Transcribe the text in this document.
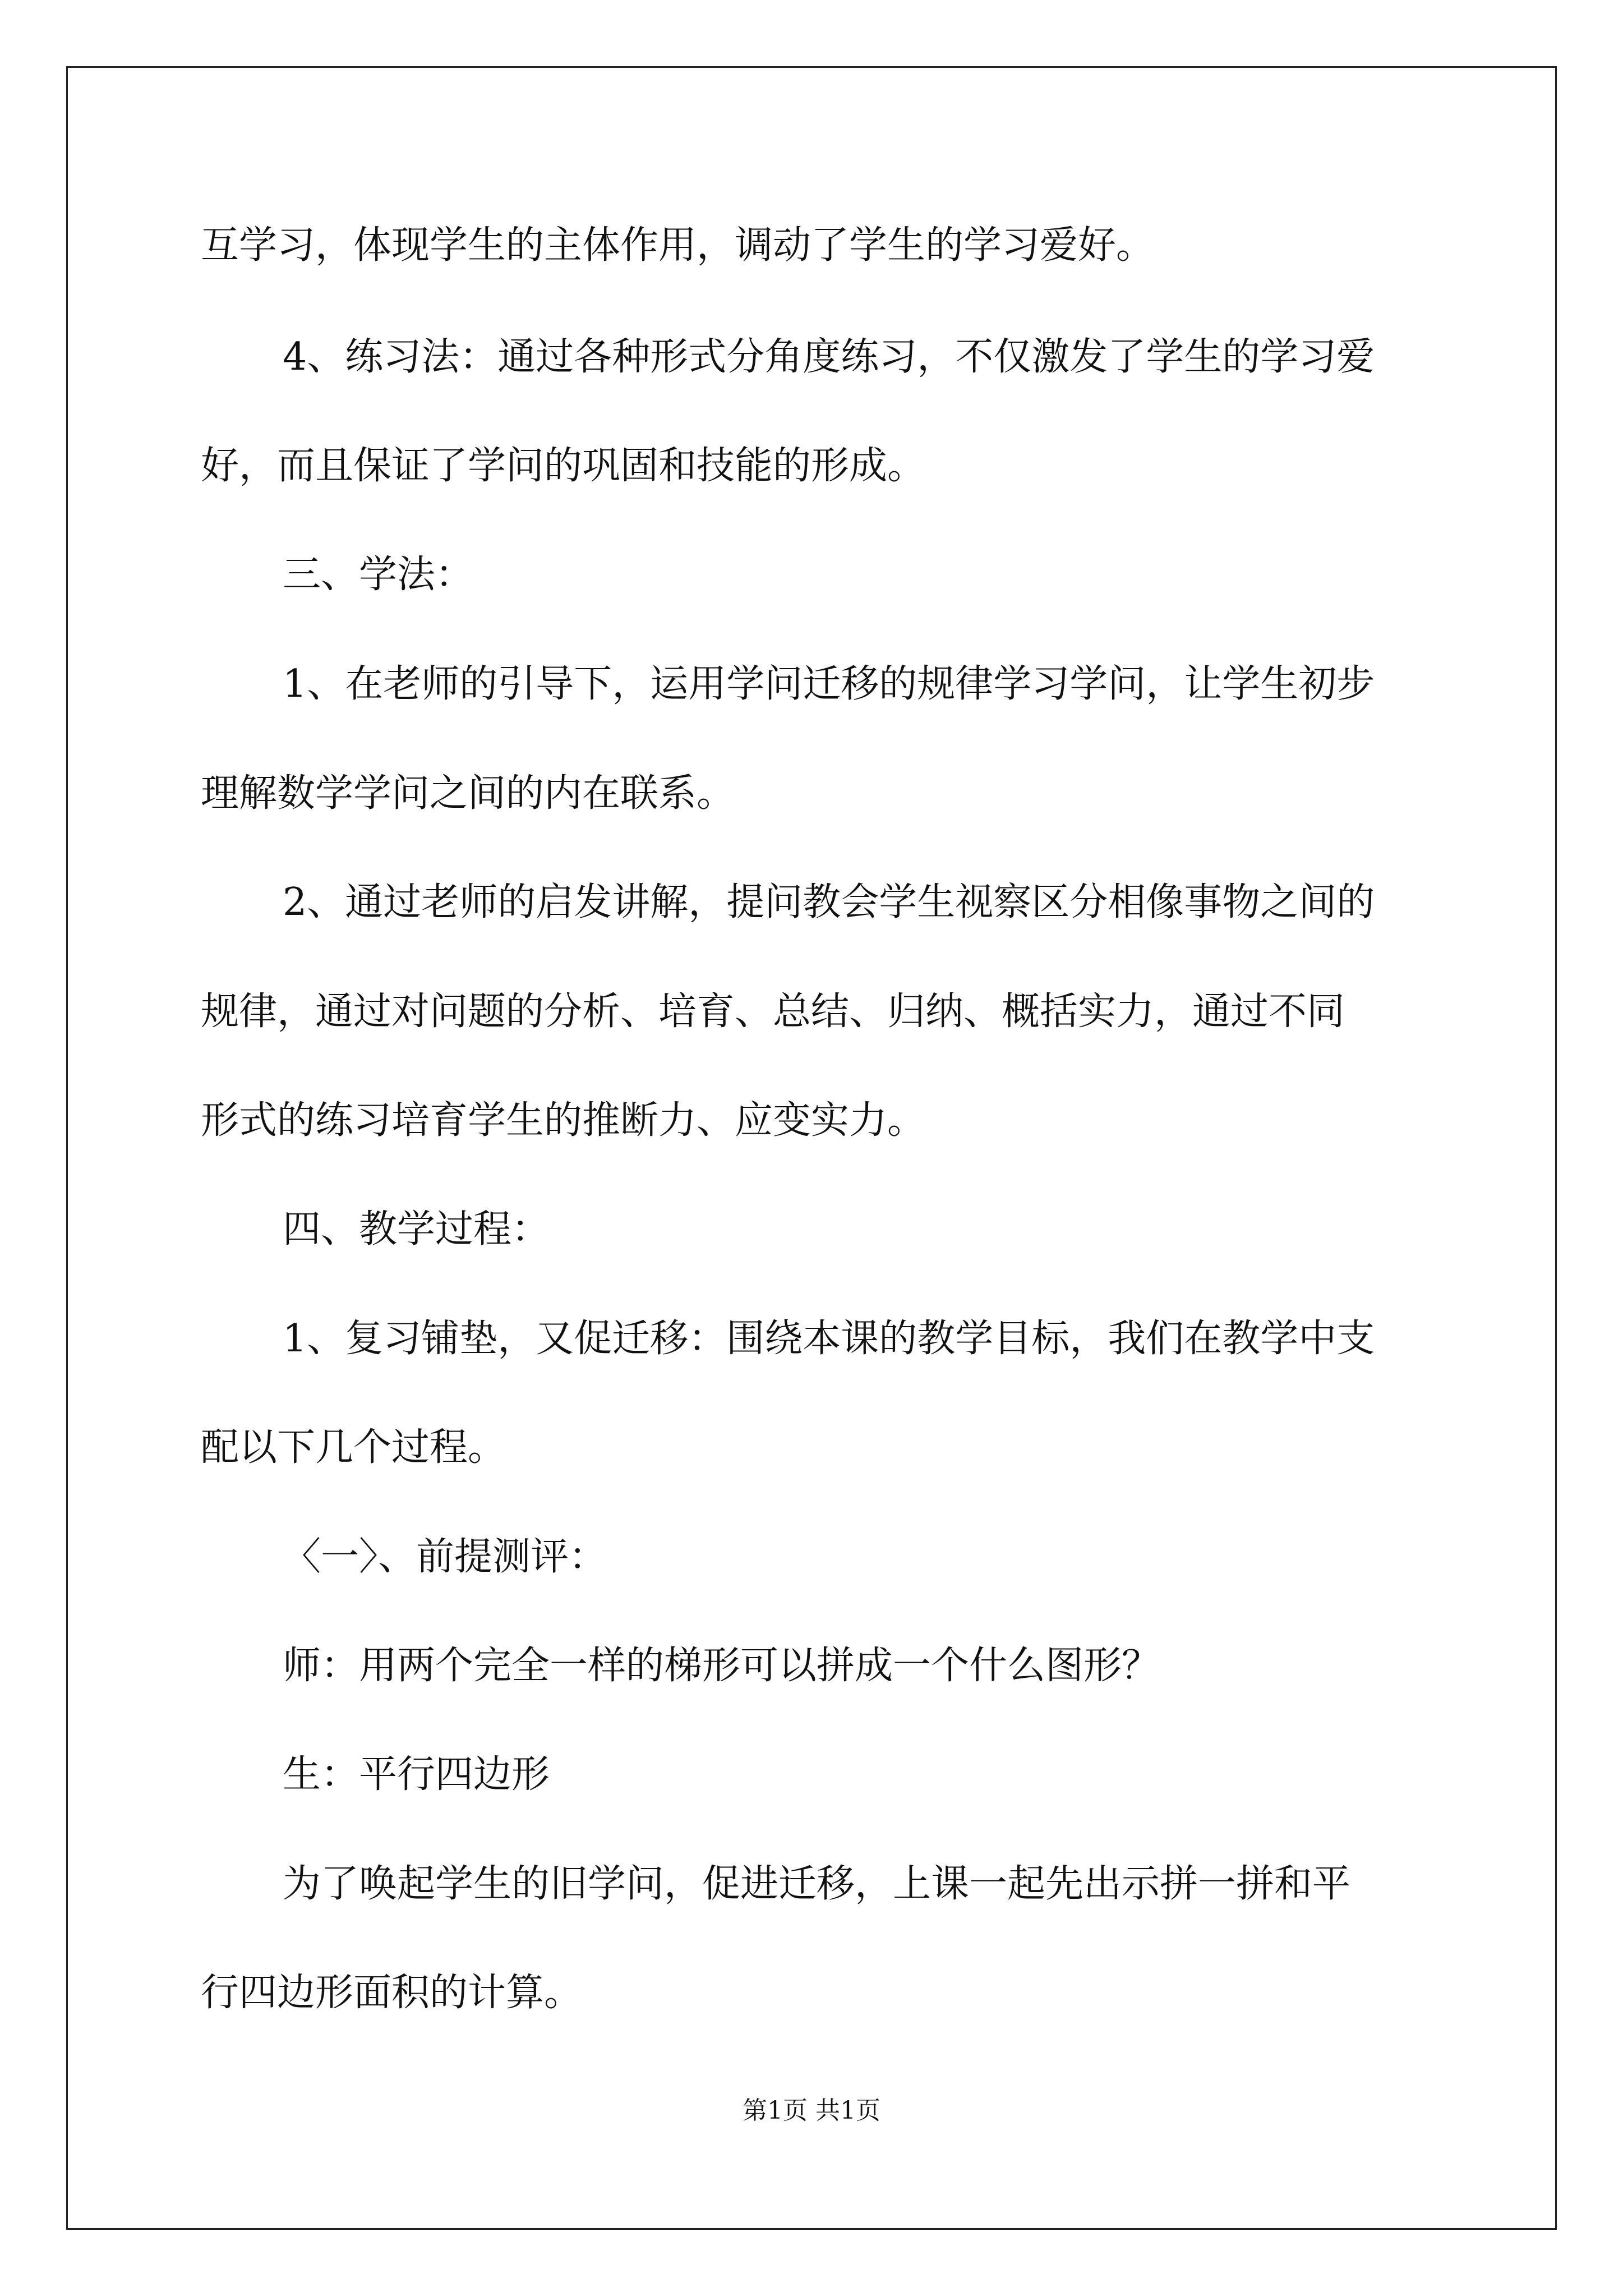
互学习，体现学生的主体作用，调动了学生的学习爱好。
4、练习法：通过各种形式分角度练习，不仅激发了学生的学习爱
好，而且保证了学问的巩固和技能的形成。
三、学法：
1、在老师的引导下，运用学问迁移的规律学习学问，让学生初步
理解数学学问之间的内在联系。
2、通过老师的启发讲解，提问教会学生视察区分相像事物之间的
规律，通过对问题的分析、培育、总结、归纳、概括实力，通过不同
形式的练习培育学生的推断力、应变实力。
四、教学过程：
1、复习铺垫，又促迁移：围绕本课的教学目标，我们在教学中支
配以下几个过程。
〈一〉、前提测评：
师：用两个完全一样的梯形可以拼成一个什么图形？
生：平行四边形
为了唤起学生的旧学问，促进迁移，上课一起先出示拼一拼和平
行四边形面积的计算。
第1页 共1页
